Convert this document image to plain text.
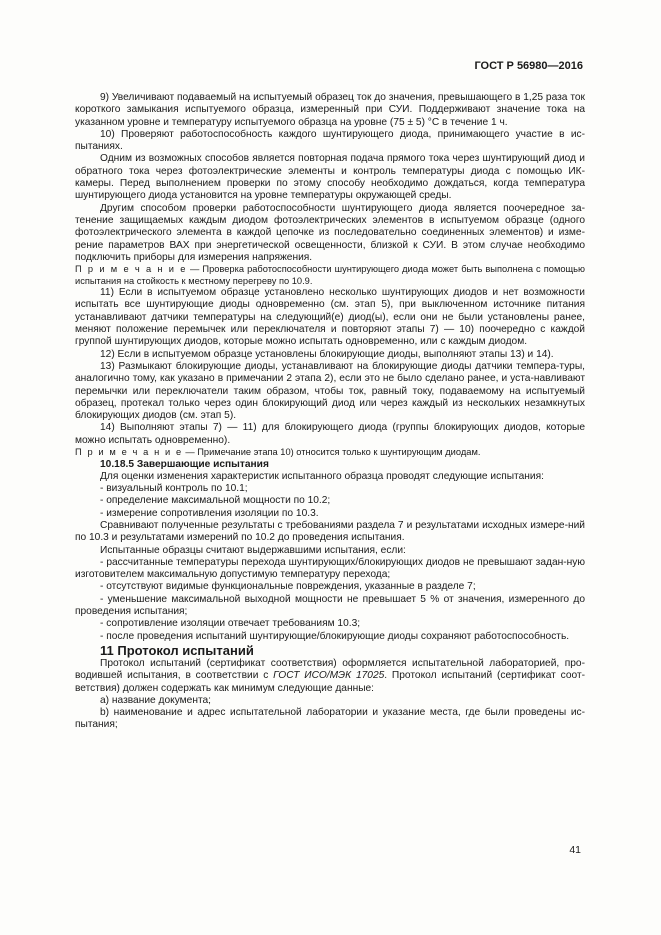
ГОСТ Р 56980—2016

9) Увеличивают подаваемый на испытуемый образец ток до значения, превышающего в 1,25 раза ток короткого замыкания испытуемого образца, измеренный при СУИ. Поддерживают значение тока на указанном уровне и температуру испытуемого образца на уровне (75 ± 5) °С в течение 1 ч.

10) Проверяют работоспособность каждого шунтирующего диода, принимающего участие в ис-пытаниях.

Одним из возможных способов является повторная подача прямого тока через шунтирующий диод и обратного тока через фотоэлектрические элементы и контроль температуры диода с помощью ИК-камеры. Перед выполнением проверки по этому способу необходимо дождаться, когда температура шунтирующего диода установится на уровне температуры окружающей среды.

Другим способом проверки работоспособности шунтирующего диода является поочередное за-тенение защищаемых каждым диодом фотоэлектрических элементов в испытуемом образце (одного фотоэлектрического элемента в каждой цепочке из последовательно соединенных элементов) и изме-рение параметров ВАХ при энергетической освещенности, близкой к СУИ. В этом случае необходимо подключить приборы для измерения напряжения.

П р и м е ч а н и е — Проверка работоспособности шунтирующего диода может быть выполнена с помощью испытания на стойкость к местному перегреву по 10.9.

11) Если в испытуемом образце установлено несколько шунтирующих диодов и нет возможности испытать все шунтирующие диоды одновременно (см. этап 5), при выключенном источнике питания устанавливают датчики температуры на следующий(е) диод(ы), если они не были установлены ранее, меняют положение перемычек или переключателя и повторяют этапы 7) — 10) поочередно с каждой группой шунтирующих диодов, которые можно испытать одновременно, или с каждым диодом.

12) Если в испытуемом образце установлены блокирующие диоды, выполняют этапы 13) и 14).

13) Размыкают блокирующие диоды, устанавливают на блокирующие диоды датчики темпера-туры, аналогично тому, как указано в примечании 2 этапа 2), если это не было сделано ранее, и уста-навливают перемычки или переключатели таким образом, чтобы ток, равный току, подаваемому на испытуемый образец, протекал только через один блокирующий диод или через каждый из нескольких незамкнутых блокирующих диодов (см. этап 5).

14) Выполняют этапы 7) — 11) для блокирующего диода (группы блокирующих диодов, которые можно испытать одновременно).

П р и м е ч а н и е — Примечание этапа 10) относится только к шунтирующим диодам.

10.18.5 Завершающие испытания

Для оценки изменения характеристик испытанного образца проводят следующие испытания:

- визуальный контроль по 10.1;

- определение максимальной мощности по 10.2;

- измерение сопротивления изоляции по 10.3.

Сравнивают полученные результаты с требованиями раздела 7 и результатами исходных измере-ний по 10.3 и результатами измерений по 10.2 до проведения испытания.

Испытанные образцы считают выдержавшими испытания, если:

- рассчитанные температуры перехода шунтирующих/блокирующих диодов не превышают задан-ную изготовителем максимальную допустимую температуру перехода;

- отсутствуют видимые функциональные повреждения, указанные в разделе 7;

- уменьшение максимальной выходной мощности не превышает 5 % от значения, измеренного до проведения испытания;

- сопротивление изоляции отвечает требованиям 10.3;

- после проведения испытаний шунтирующие/блокирующие диоды сохраняют работоспособность.

11 Протокол испытаний

Протокол испытаний (сертификат соответствия) оформляется испытательной лабораторией, про-водившей испытания, в соответствии с ГОСТ ИСО/МЭК 17025. Протокол испытаний (сертификат соот-ветствия) должен содержать как минимум следующие данные:

a) название документа;

b) наименование и адрес испытательной лаборатории и указание места, где были проведены ис-пытания;

41
